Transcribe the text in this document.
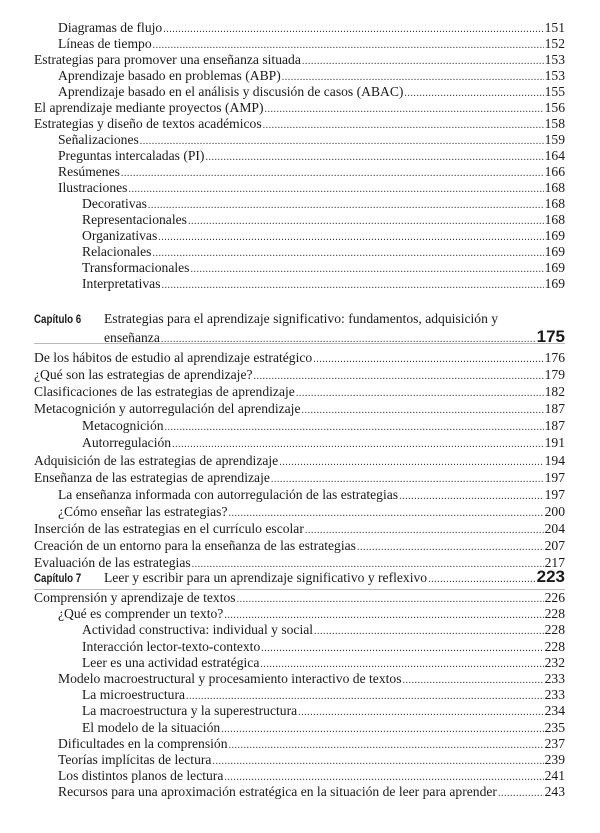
Diagramas de flujo .....	151
Líneas de tiempo .....	152
Estrategias para promover una enseñanza situada .....	153
Aprendizaje basado en problemas (ABP) .....	153
Aprendizaje basado en el análisis y discusión de casos (ABAC) .....	155
El aprendizaje mediante proyectos (AMP) .....	156
Estrategias y diseño de textos académicos .....	158
Señalizaciones .....	159
Preguntas intercaladas (PI) .....	164
Resúmenes .....	166
Ilustraciones .....	168
Decorativas .....	168
Representacionales .....	168
Organizativas .....	169
Relacionales .....	169
Transformacionales .....	169
Interpretativas .....	169
Capítulo 6 Estrategias para el aprendizaje significativo: fundamentos, adquisición y
enseñanza .....	175
De los hábitos de estudio al aprendizaje estratégico .....	176
¿Qué son las estrategias de aprendizaje? .....	179
Clasificaciones de las estrategias de aprendizaje .....	182
Metacognición y autorregulación del aprendizaje .....	187
Metacognición .....	187
Autorregulación .....	191
Adquisición de las estrategias de aprendizaje .....	194
Enseñanza de las estrategias de aprendizaje .....	197
La enseñanza informada con autorregulación de las estrategias .....	197
¿Cómo enseñar las estrategias? .....	200
Inserción de las estrategias en el currículo escolar .....	204
Creación de un entorno para la enseñanza de las estrategias .....	207
Evaluación de las estrategias .....	217
Capítulo 7 Leer y escribir para un aprendizaje significativo y reflexivo .....	223
Comprensión y aprendizaje de textos .....	226
¿Qué es comprender un texto? .....	228
Actividad constructiva: individual y social .....	228
Interacción lector-texto-contexto .....	228
Leer es una actividad estratégica .....	232
Modelo macroestructural y procesamiento interactivo de textos .....	233
La microestructura .....	233
La macroestructura y la superestructura .....	234
El modelo de la situación .....	235
Dificultades en la comprensión .....	237
Teorías implícitas de lectura .....	239
Los distintos planos de lectura .....	241
Recursos para una aproximación estratégica en la situación de leer para aprender .....	243
